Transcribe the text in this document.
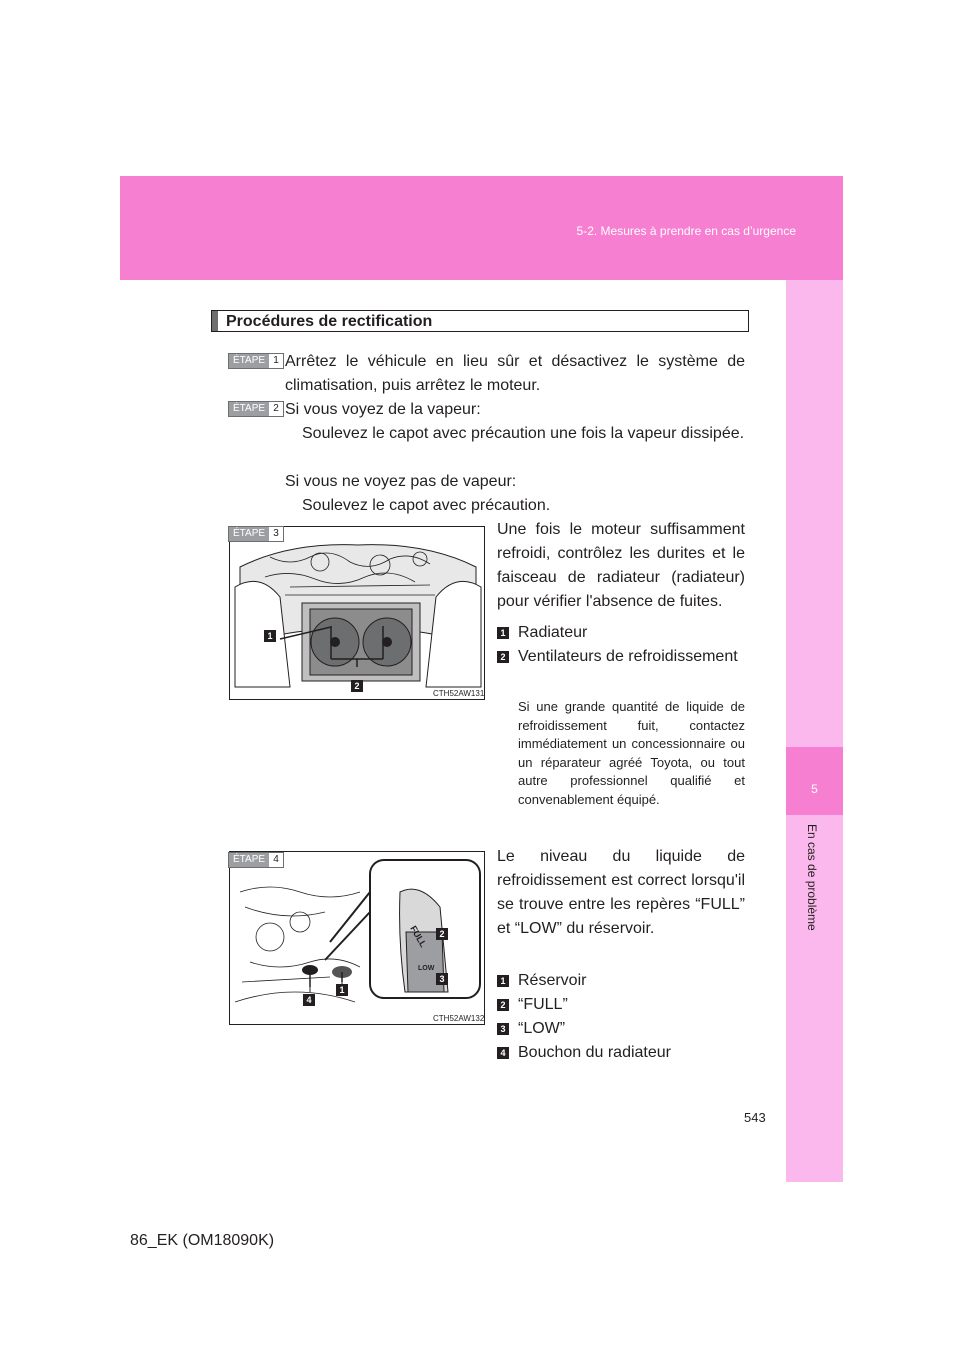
5-2. Mesures à prendre en cas d’urgence
5
En cas de problème
Procédures de rectification
ÉTAPE 1 Arrêtez le véhicule en lieu sûr et désactivez le système de climatisation, puis arrêtez le moteur.
ÉTAPE 2 Si vous voyez de la vapeur:
Soulevez le capot avec précaution une fois la vapeur dissipée.
Si vous ne voyez pas de vapeur:
Soulevez le capot avec précaution.
1
2
CTH52AW131
ÉTAPE 3	Une fois le moteur suffisamment refroidi, contrôlez les durites et le faisceau de radiateur (radiateur) pour vérifier l'absence de fuites.
1 Radiateur
2 Ventilateurs de refroidissement
Si une grande quantité de liquide de refroidissement fuit, contactez immédiatement un concessionnaire ou un réparateur agréé Toyota, ou tout autre professionnel qualifié et convenablement équipé.
FULL
LOW
2
3
1
4
CTH52AW132
ÉTAPE 4	Le niveau du liquide de refroidissement est correct lorsqu'il se trouve entre les repères “FULL” et “LOW” du réservoir.
1 Réservoir
2 “FULL”
3 “LOW”
4 Bouchon du radiateur
543
86_EK (OM18090K)
